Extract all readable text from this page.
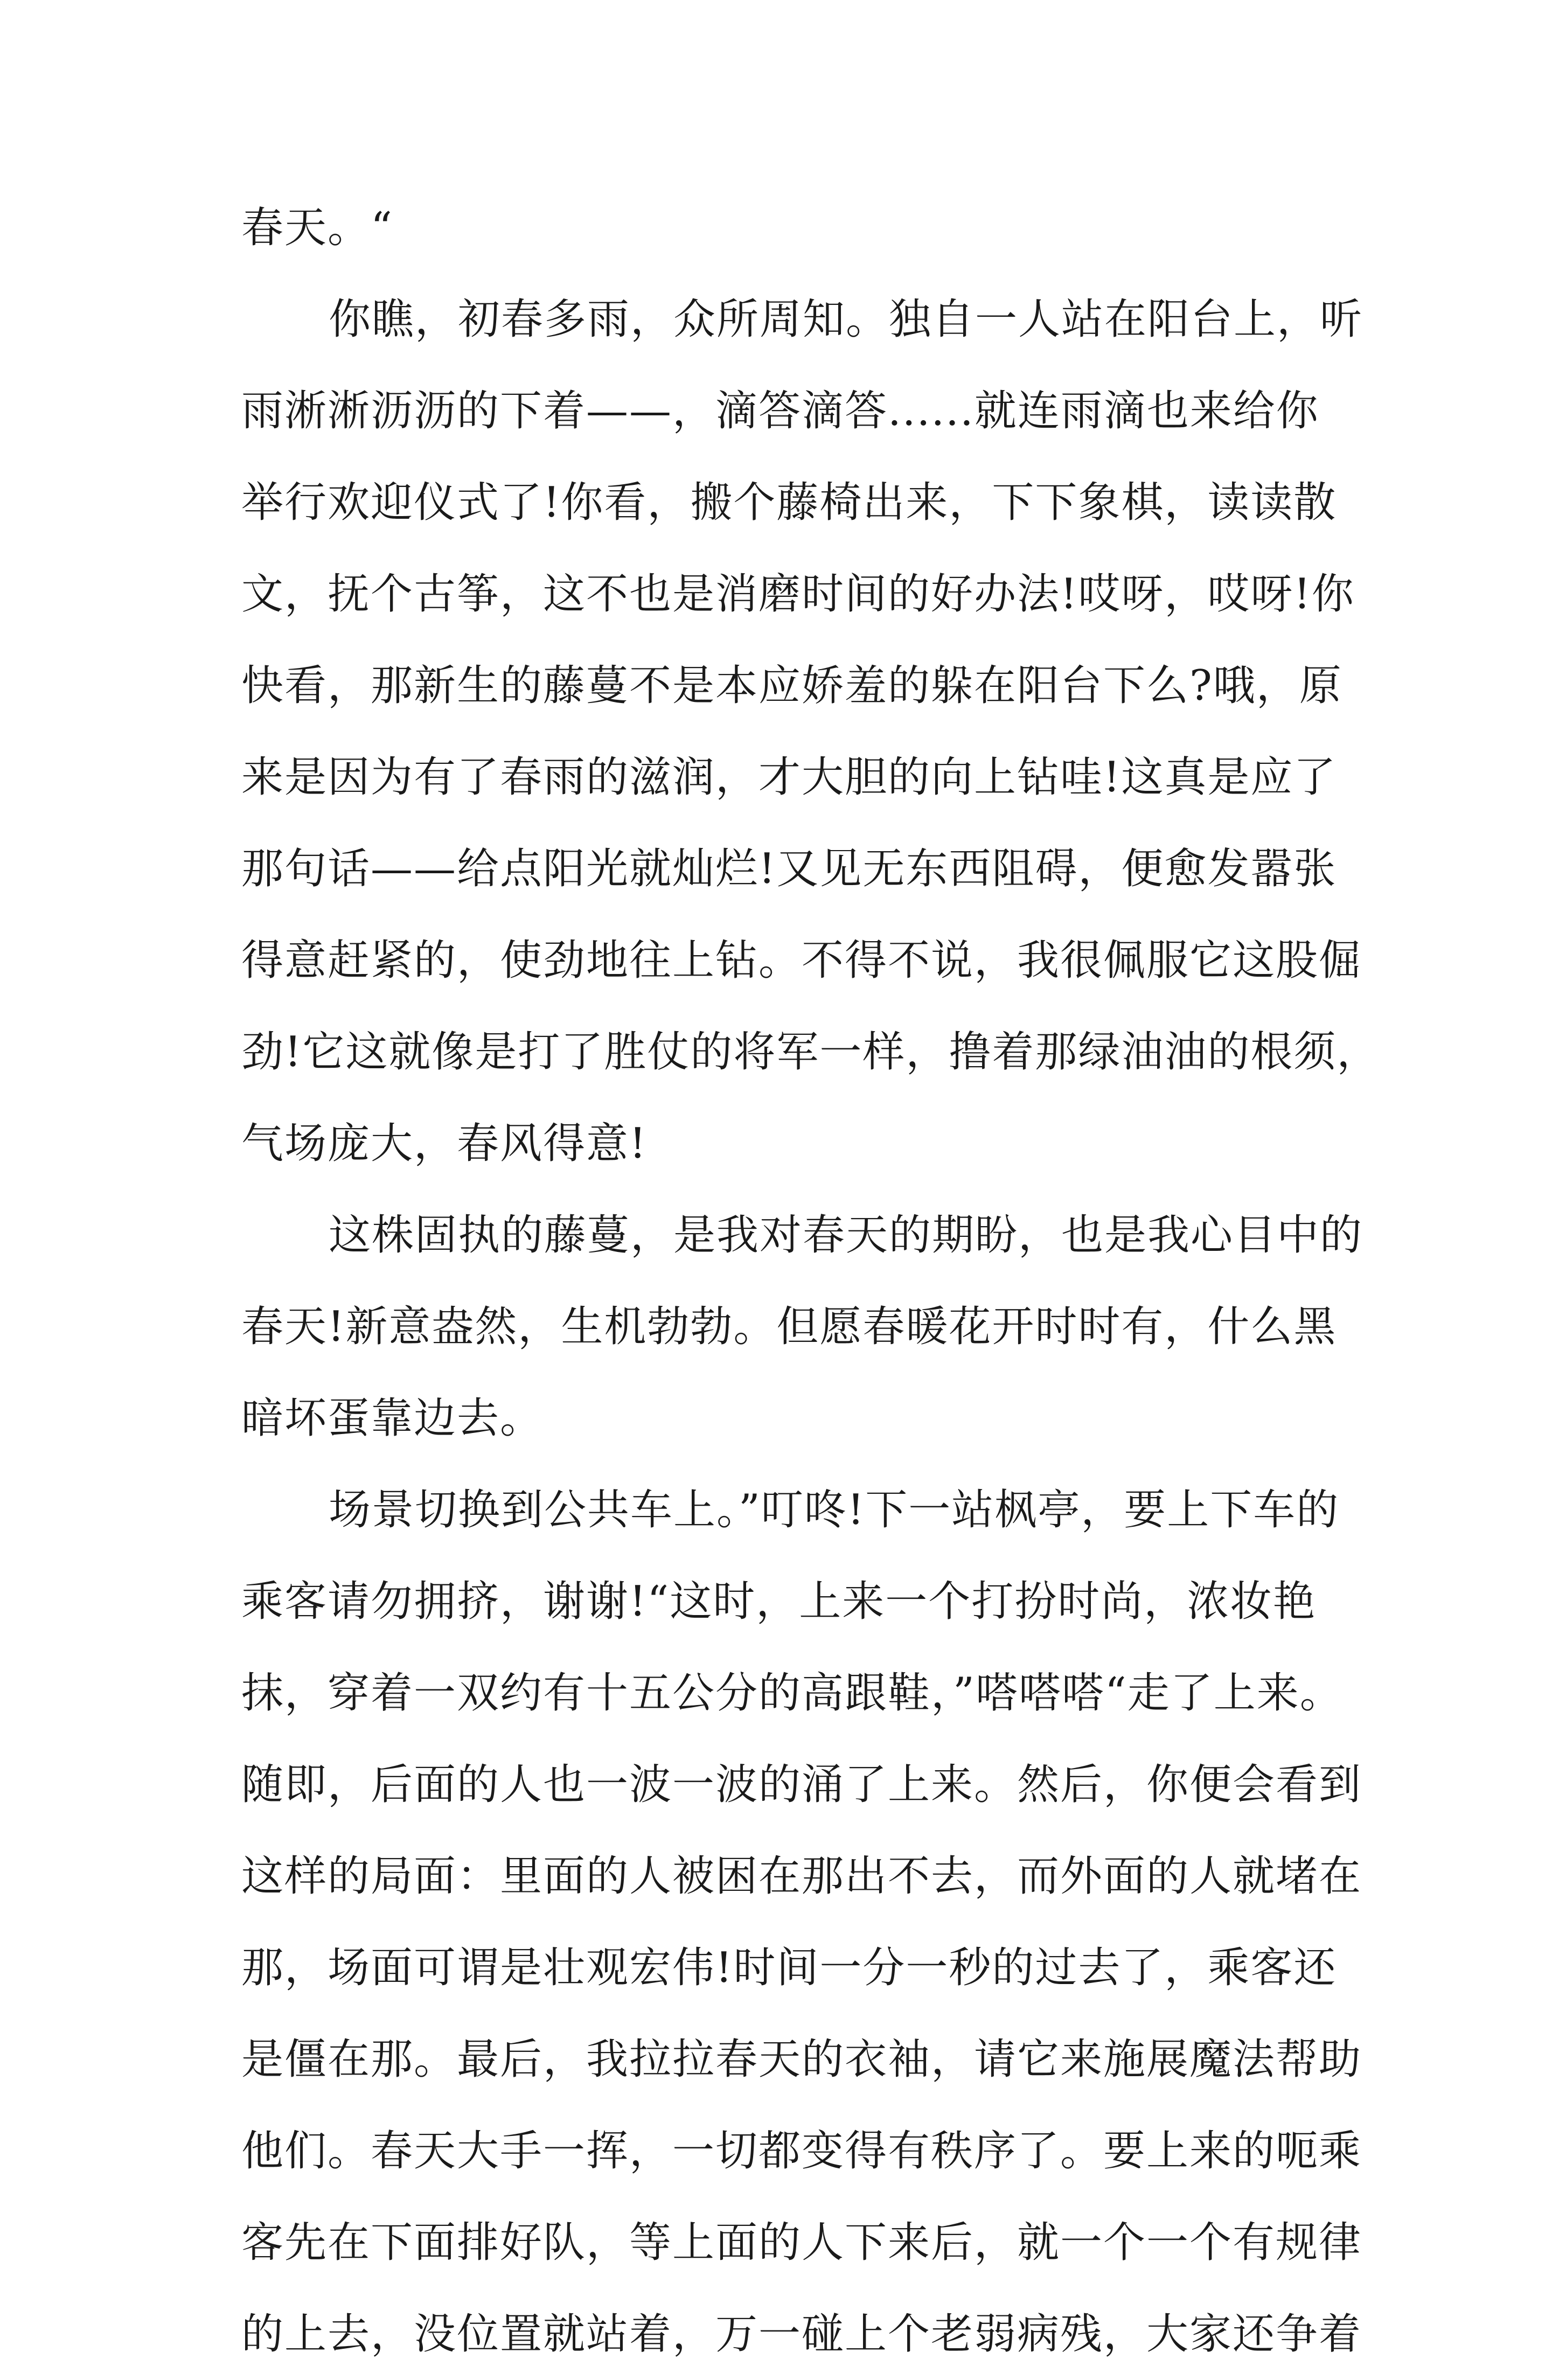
春天。“
你瞧，初春多雨，众所周知。独自一人站在阳台上，听
雨淅淅沥沥的下着——，滴答滴答......就连雨滴也来给你
举行欢迎仪式了!你看，搬个藤椅出来，下下象棋，读读散
文，抚个古筝，这不也是消磨时间的好办法!哎呀，哎呀!你
快看，那新生的藤蔓不是本应娇羞的躲在阳台下么?哦，原
来是因为有了春雨的滋润，才大胆的向上钻哇!这真是应了
那句话——给点阳光就灿烂!又见无东西阻碍，便愈发嚣张
得意赶紧的，使劲地往上钻。不得不说，我很佩服它这股倔
劲!它这就像是打了胜仗的将军一样，撸着那绿油油的根须，
气场庞大，春风得意!
这株固执的藤蔓，是我对春天的期盼，也是我心目中的
春天!新意盎然，生机勃勃。但愿春暖花开时时有，什么黑
暗坏蛋靠边去。
场景切换到公共车上。”叮咚!下一站枫亭，要上下车的
乘客请勿拥挤，谢谢!“这时，上来一个打扮时尚，浓妆艳
抹，穿着一双约有十五公分的高跟鞋，”嗒嗒嗒“走了上来。
随即，后面的人也一波一波的涌了上来。然后，你便会看到
这样的局面：里面的人被困在那出不去，而外面的人就堵在
那，场面可谓是壮观宏伟!时间一分一秒的过去了，乘客还
是僵在那。最后，我拉拉春天的衣袖，请它来施展魔法帮助
他们。春天大手一挥，一切都变得有秩序了。要上来的呃乘
客先在下面排好队，等上面的人下来后，就一个一个有规律
的上去，没位置就站着，万一碰上个老弱病残，大家还争着
